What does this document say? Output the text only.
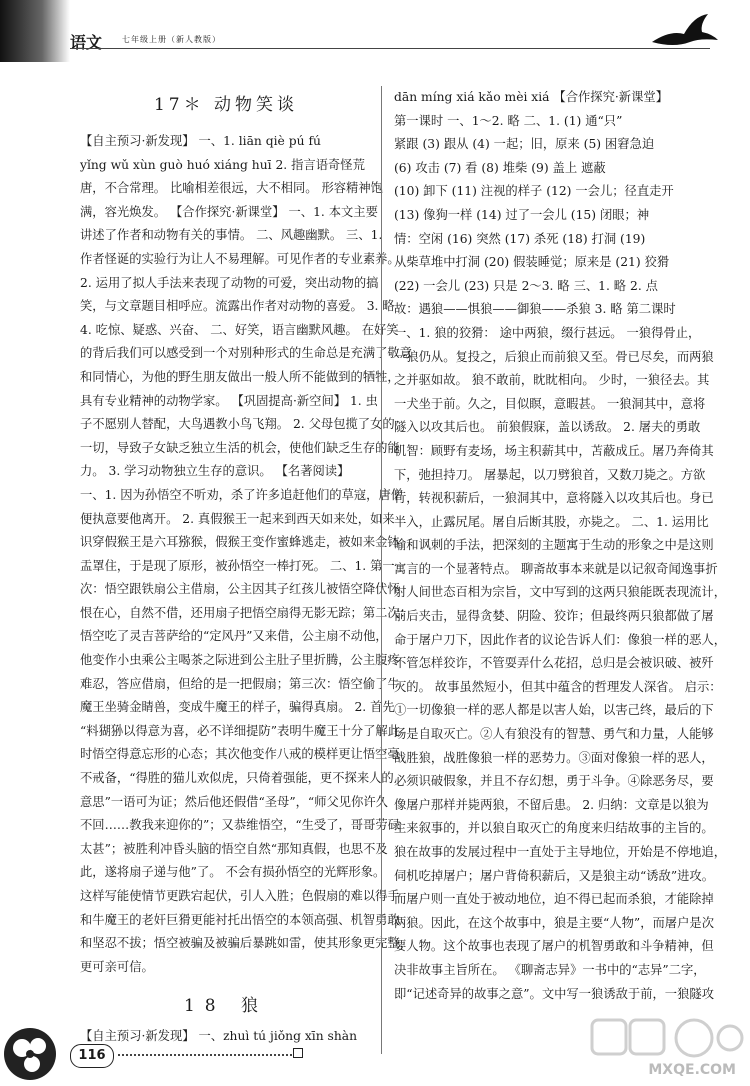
语文 七年级上册（新人教版）
17＊ 动物笑谈
【自主预习·新发现】 一、1. liān qiè pú fú
yǐng wǔ xùn guò huó xiáng huī 2. 指言语奇怪荒
唐，不合常理。 比喻相差很远，大不相同。 形容精神饱
满，容光焕发。 【合作探究·新课堂】 一、1. 本文主要
讲述了作者和动物有关的事情。 二、风趣幽默。 三、1.
作者怪诞的实验行为让人不易理解。可见作者的专业素养。
2. 运用了拟人手法来表现了动物的可爱，突出动物的搞
笑，与文章题目相呼应。流露出作者对动物的喜爱。 3. 略
4. 吃惊、疑惑、兴奋、 二、好笑，语言幽默风趣。 在好笑
的背后我们可以感受到一个对别种形式的生命总是充满了敬意
和同情心，为他的野生朋友做出一般人所不能做到的牺牲，
具有专业精神的动物学家。 【巩固提高·新空间】 1. 虫
子不愿别人替配，大鸟遇教小鸟飞翔。 2. 父母包揽了女的
一切，导致子女缺乏独立生活的机会，使他们缺乏生存的能
力。 3. 学习动物独立生存的意识。 【名著阅读】
一、1. 因为孙悟空不听劝，杀了许多追赶他们的草寇，唐僧
便执意要他离开。 2. 真假猴王一起来到西天如来处，如来
识穿假猴王是六耳猕猴，假猴王变作蜜蜂逃走，被如来金钵
盂罩住，于是现了原形，被孙悟空一棒打死。 二、1. 第一
次：悟空跟铁扇公主借扇，公主因其子红孩儿被悟空降伏怀
恨在心，自然不借，还用扇子把悟空扇得无影无踪；第二次：
悟空吃了灵吉菩萨给的“定风丹”又来借，公主扇不动他，
他变作小虫乘公主喝茶之际进到公主肚子里折腾，公主腹疼
难忍，答应借扇，但给的是一把假扇；第三次：悟空偷了牛
魔王坐骑金睛兽，变成牛魔王的样子，骗得真扇。 2. 首先
“料猢狲以得意为喜，必不详细提防”表明牛魔王十分了解此
时悟空得意忘形的心态；其次他变作八戒的模样更让悟空毫
不戒备，“得胜的猫儿欢似虎，只倚着强能，更不探来人的
意思”一语可为证；然后他还假借“圣母”，“师父见你许久
不回……教我来迎你的”；又恭维悟空，“生受了，哥哥劳碌
太甚”；被胜利冲昏头脑的悟空自然“那知真假，也思不及
此，遂将扇子递与他”了。 不会有损孙悟空的光辉形象。
这样写能使情节更跌宕起伏，引人入胜；色假扇的难以得手
和牛魔王的老奸巨猾更能衬托出悟空的本领高强、机智勇敢
和坚忍不拔；悟空被骗及被骗后暴跳如雷，使其形象更完整，
更可亲可信。
18 狼
【自主预习·新发现】 一、zhuì tú jiǒng xīn shàn
dān míng xiá kǎo mèi xiá 【合作探究·新课堂】
第一课时 一、1～2. 略 二、1. (1) 通“只”
紧跟 (3) 跟从 (4) 一起；旧，原来 (5) 困窘急迫
(6) 攻击 (7) 看 (8) 堆柴 (9) 盖上 遮蔽
(10) 卸下 (11) 注视的样子 (12) 一会儿；径直走开
(13) 像狗一样 (14) 过了一会儿 (15) 闭眼；神
情：空闲 (16) 突然 (17) 杀死 (18) 打洞 (19)
从柴草堆中打洞 (20) 假装睡觉；原来是 (21) 狡猾
(22) 一会儿 (23) 只是 2～3. 略 三、1. 略 2. 点
故：遇狼——惧狼——御狼——杀狼 3. 略 第二课时
一、1. 狼的狡猾： 途中两狼，缀行甚远。 一狼得骨止，
一狼仍从。复投之，后狼止而前狼又至。骨已尽矣，而两狼
之并驱如故。 狼不敢前，眈眈相向。 少时，一狼径去。其
一犬坐于前。久之，目似瞑，意暇甚。 一狼洞其中，意将
隧入以攻其后也。 前狼假寐，盖以诱敌。 2. 屠夫的勇敢
机智：顾野有麦场，场主积薪其中，苫蔽成丘。屠乃奔倚其
下，弛担持刀。 屠暴起，以刀劈狼首，又数刀毙之。方欲
行，转视积薪后，一狼洞其中，意将隧入以攻其后也。身已
半入，止露尻尾。屠自后断其股，亦毙之。 二、1. 运用比
喻和讽刺的手法，把深刻的主题寓于生动的形象之中是这则
寓言的一个显著特点。 聊斋故事本来就是以记叙奇闻逸事折
射人间世态百相为宗旨，文中写到的这两只狼能既表现流计，
前后夹击，显得贪婪、阴险、狡诈；但最终两只狼都做了屠
命于屠户刀下，因此作者的议论告诉人们：像狼一样的恶人，
不管怎样狡诈，不管耍弄什么花招，总归是会被识破、被歼
灭的。 故事虽然短小，但其中蕴含的哲理发人深省。 启示：
①一切像狼一样的恶人都是以害人始，以害己终，最后的下
场是自取灭亡。②人有狼没有的智慧、勇气和力量，人能够
战胜狼，战胜像狼一样的恶势力。③面对像狼一样的恶人，
必须识破假象，并且不存幻想，勇于斗争。④除恶务尽，要
像屠户那样并毙两狼，不留后患。 2. 归纳：文章是以狼为
主来叙事的，并以狼自取灭亡的角度来归结故事的主旨的。
狼在故事的发展过程中一直处于主导地位，开始是不停地追，
伺机吃掉屠户；屠户背倚积薪后，又是狼主动“诱敌”进攻。
而屠户则一直处于被动地位，迫不得已起而杀狼，才能除掉
两狼。因此，在这个故事中，狼是主要“人物”，而屠户是次
要人物。这个故事也表现了屠户的机智勇敢和斗争精神，但
决非故事主旨所在。 《聊斋志异》一书中的“志异”二字，
即“记述奇异的故事之意”。文中写一狼诱敌于前，一狼隧攻
116
MXQE.COM
